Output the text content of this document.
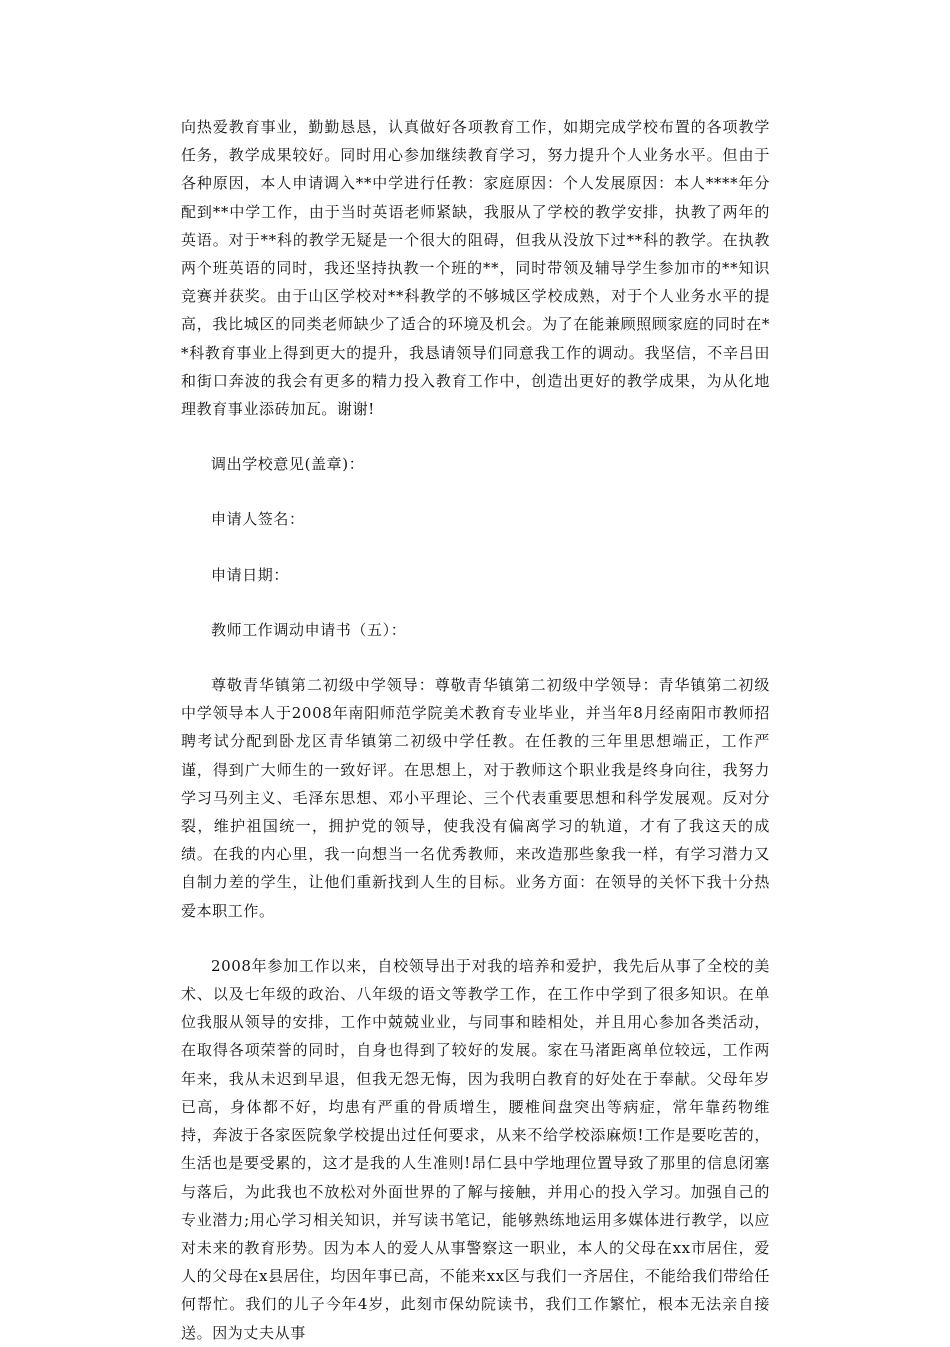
向热爱教育事业，勤勤恳恳，认真做好各项教育工作，如期完成学校布置的各项教学任务，教学成果较好。同时用心参加继续教育学习，努力提升个人业务水平。但由于各种原因，本人申请调入**中学进行任教：家庭原因：个人发展原因：本人****年分配到**中学工作，由于当时英语老师紧缺，我服从了学校的教学安排，执教了两年的英语。对于**科的教学无疑是一个很大的阻碍，但我从没放下过**科的教学。在执教两个班英语的同时，我还坚持执教一个班的**，同时带领及辅导学生参加市的**知识竞赛并获奖。由于山区学校对**科教学的不够城区学校成熟，对于个人业务水平的提高，我比城区的同类老师缺少了适合的环境及机会。为了在能兼顾照顾家庭的同时在**科教育事业上得到更大的提升，我恳请领导们同意我工作的调动。我坚信，不辛吕田和街口奔波的我会有更多的精力投入教育工作中，创造出更好的教学成果，为从化地理教育事业添砖加瓦。谢谢!

调出学校意见(盖章)：

申请人签名：

申请日期：

教师工作调动申请书（五）：

尊敬青华镇第二初级中学领导：尊敬青华镇第二初级中学领导：青华镇第二初级中学领导本人于2008年南阳师范学院美术教育专业毕业，并当年8月经南阳市教师招聘考试分配到卧龙区青华镇第二初级中学任教。在任教的三年里思想端正，工作严谨，得到广大师生的一致好评。在思想上，对于教师这个职业我是终身向往，我努力学习马列主义、毛泽东思想、邓小平理论、三个代表重要思想和科学发展观。反对分裂，维护祖国统一，拥护党的领导，使我没有偏离学习的轨道，才有了我这天的成绩。在我的内心里，我一向想当一名优秀教师，来改造那些象我一样，有学习潜力又自制力差的学生，让他们重新找到人生的目标。业务方面：在领导的关怀下我十分热爱本职工作。

2008年参加工作以来，自校领导出于对我的培养和爱护，我先后从事了全校的美术、以及七年级的政治、八年级的语文等教学工作，在工作中学到了很多知识。在单位我服从领导的安排，工作中兢兢业业，与同事和睦相处，并且用心参加各类活动，在取得各项荣誉的同时，自身也得到了较好的发展。家在马渚距离单位较远，工作两年来，我从未迟到早退，但我无怨无悔，因为我明白教育的好处在于奉献。父母年岁已高，身体都不好，均患有严重的骨质增生，腰椎间盘突出等病症，常年靠药物维持，奔波于各家医院象学校提出过任何要求，从来不给学校添麻烦!工作是要吃苦的，生活也是要受累的，这才是我的人生准则!昂仁县中学地理位置导致了那里的信息闭塞与落后，为此我也不放松对外面世界的了解与接触，并用心的投入学习。加强自己的专业潜力;用心学习相关知识，并写读书笔记，能够熟练地运用多媒体进行教学，以应对未来的教育形势。因为本人的爱人从事警察这一职业，本人的父母在xx市居住，爱人的父母在x县居住，均因年事已高，不能来xx区与我们一齐居住，不能给我们带给任何帮忙。我们的儿子今年4岁，此刻市保幼院读书，我们工作繁忙，根本无法亲自接送。因为丈夫从事
